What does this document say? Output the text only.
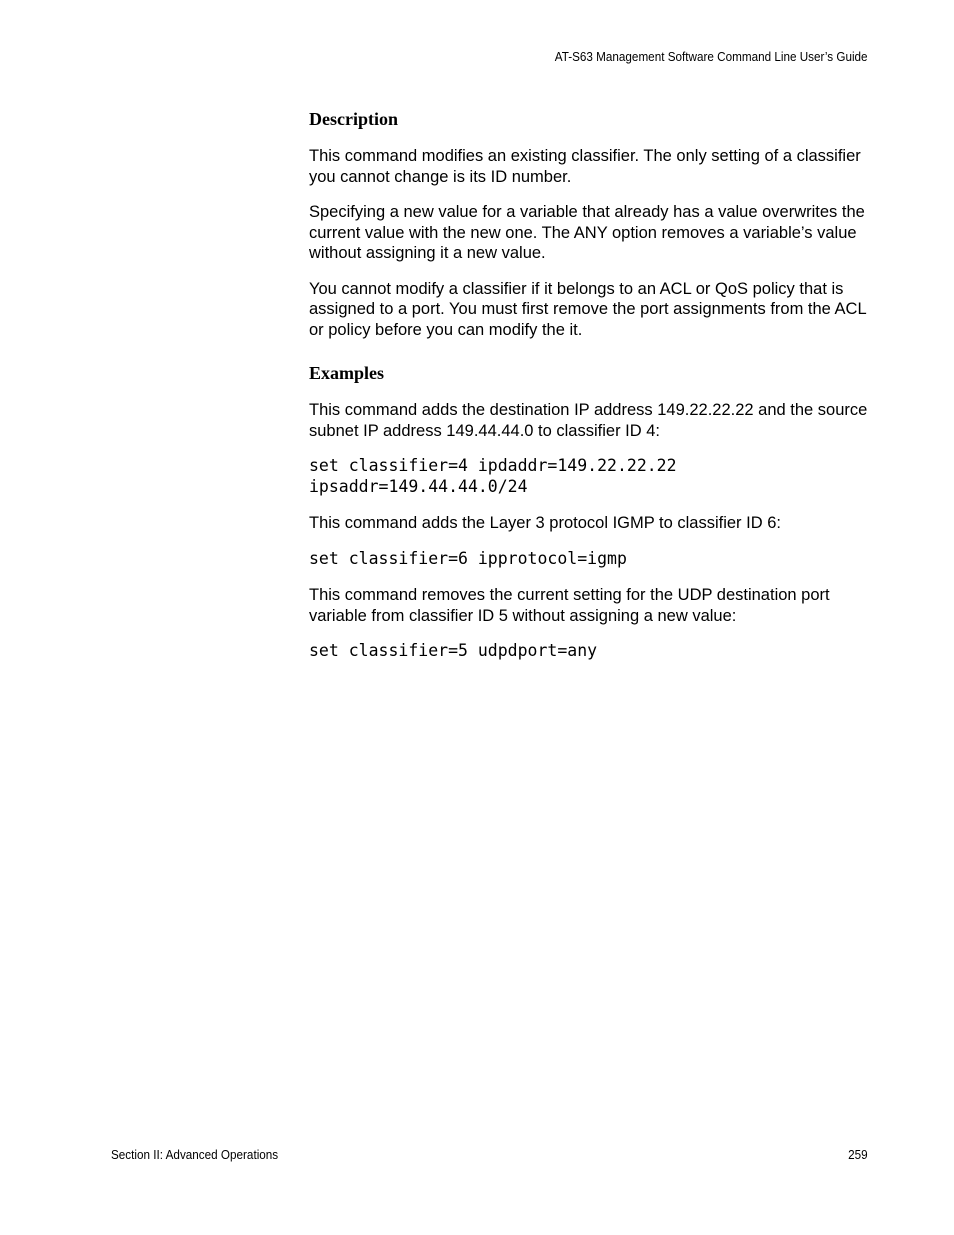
AT-S63 Management Software Command Line User’s Guide
Description

This command modifies an existing classifier. The only setting of a classifier you cannot change is its ID number.

Specifying a new value for a variable that already has a value overwrites the current value with the new one. The ANY option removes a variable’s value without assigning it a new value.

You cannot modify a classifier if it belongs to an ACL or QoS policy that is assigned to a port. You must first remove the port assignments from the ACL or policy before you can modify the it.

Examples

This command adds the destination IP address 149.22.22.22 and the source subnet IP address 149.44.44.0 to classifier ID 4:

set classifier=4 ipdaddr=149.22.22.22
ipsaddr=149.44.44.0/24

This command adds the Layer 3 protocol IGMP to classifier ID 6:

set classifier=6 ipprotocol=igmp

This command removes the current setting for the UDP destination port variable from classifier ID 5 without assigning a new value:

set classifier=5 udpdport=any
Section II: Advanced Operations	259
